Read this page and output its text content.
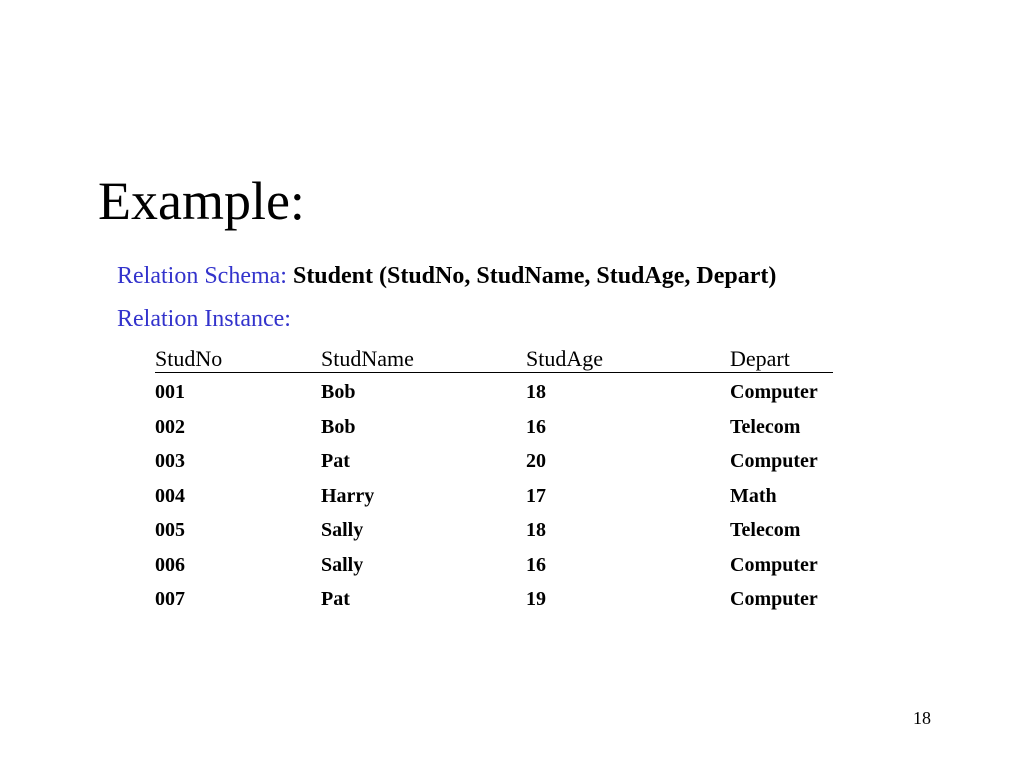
Example:
Relation Schema: Student (StudNo, StudName, StudAge, Depart)
Relation Instance:
StudNo	StudName	StudAge	Depart
001	Bob	18	Computer
002	Bob	16	Telecom
003	Pat	20	Computer
004	Harry	17	Math
005	Sally	18	Telecom
006	Sally	16	Computer
007	Pat	19	Computer
18
